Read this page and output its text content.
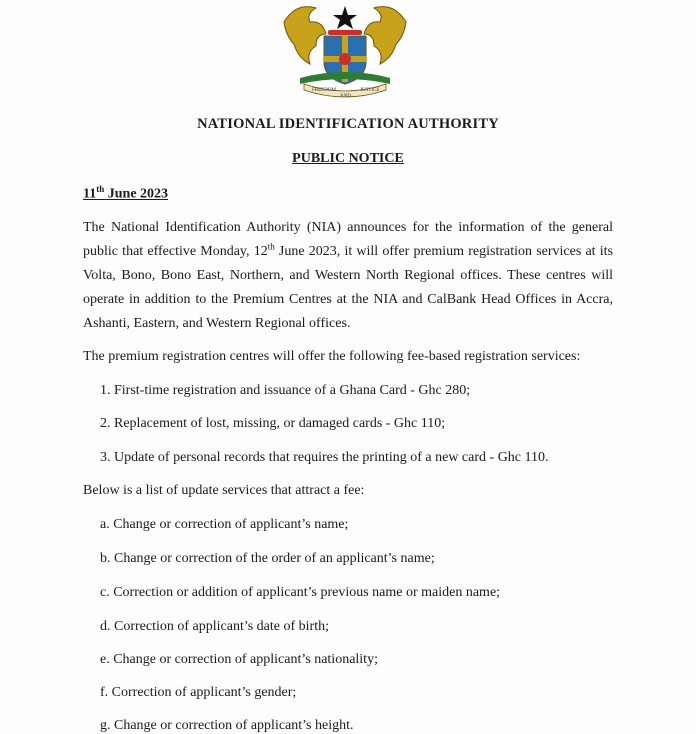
FREEDOM	JUSTICE
AND
NATIONAL IDENTIFICATION AUTHORITY
PUBLIC NOTICE
11th June 2023
The National Identification Authority (NIA) announces for the information of the general public that effective Monday, 12th June 2023, it will offer premium registration services at its Volta, Bono, Bono East, Northern, and Western North Regional offices. These centres will operate in addition to the Premium Centres at the NIA and CalBank Head Offices in Accra, Ashanti, Eastern, and Western Regional offices.
The premium registration centres will offer the following fee-based registration services:
1. First-time registration and issuance of a Ghana Card - Ghc 280;
2. Replacement of lost, missing, or damaged cards - Ghc 110;
3. Update of personal records that requires the printing of a new card - Ghc 110.
Below is a list of update services that attract a fee:
a. Change or correction of applicant’s name;
b. Change or correction of the order of an applicant’s name;
c. Correction or addition of applicant’s previous name or maiden name;
d. Correction of applicant’s date of birth;
e. Change or correction of applicant’s nationality;
f. Correction of applicant’s gender;
g. Change or correction of applicant’s height.
